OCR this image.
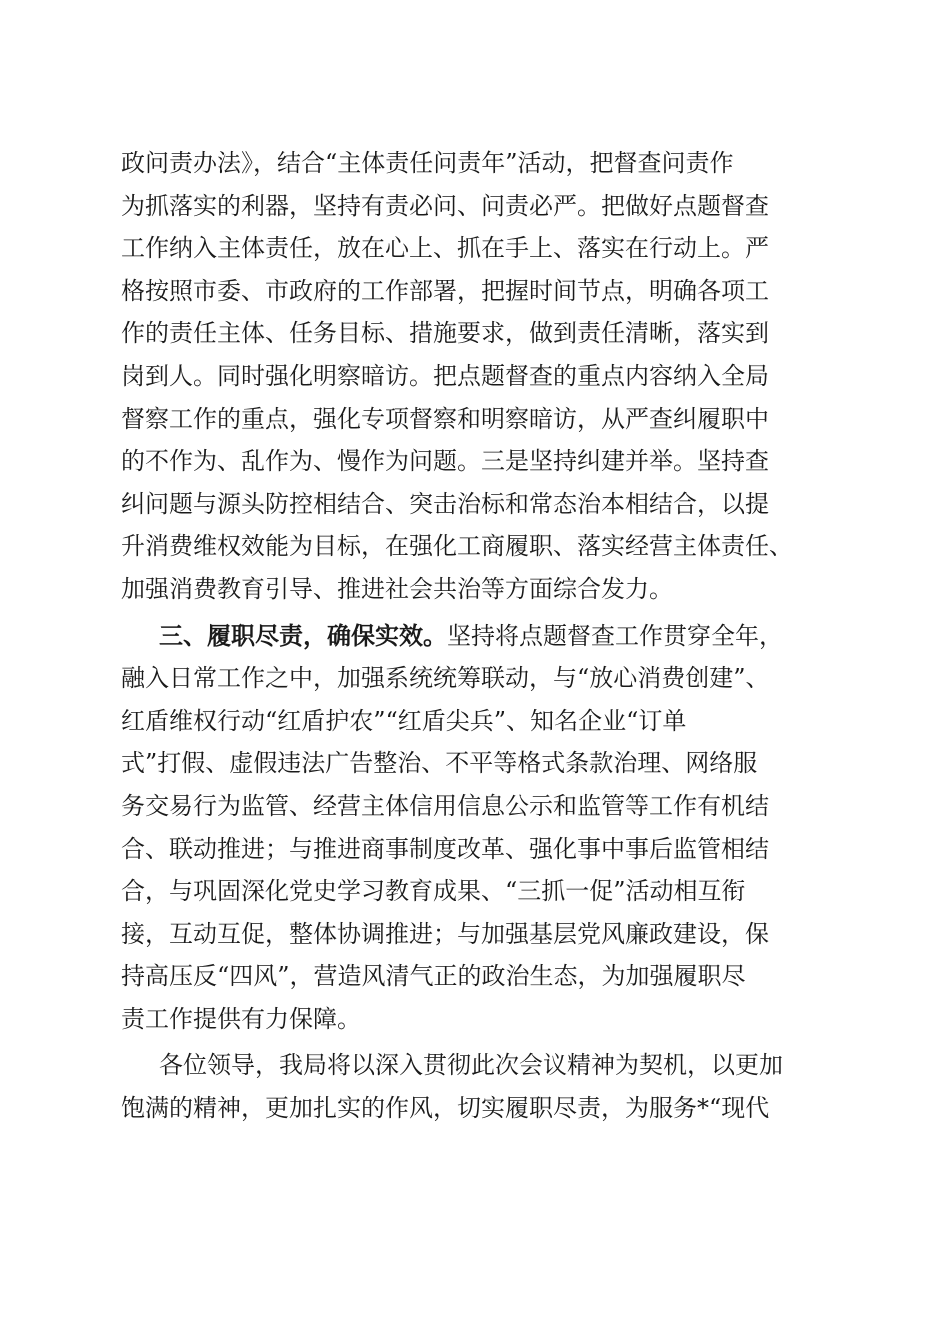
政问责办法》，结合“主体责任问责年”活动，把督查问责作
为抓落实的利器，坚持有责必问、问责必严。把做好点题督查
工作纳入主体责任，放在心上、抓在手上、落实在行动上。严
格按照市委、市政府的工作部署，把握时间节点，明确各项工
作的责任主体、任务目标、措施要求，做到责任清晰，落实到
岗到人。同时强化明察暗访。把点题督查的重点内容纳入全局
督察工作的重点，强化专项督察和明察暗访，从严查纠履职中
的不作为、乱作为、慢作为问题。三是坚持纠建并举。坚持查
纠问题与源头防控相结合、突击治标和常态治本相结合，以提
升消费维权效能为目标，在强化工商履职、落实经营主体责任、
加强消费教育引导、推进社会共治等方面综合发力。
三、履职尽责，确保实效。坚持将点题督查工作贯穿全年，
融入日常工作之中，加强系统统筹联动，与“放心消费创建”、
红盾维权行动“红盾护农”“红盾尖兵”、知名企业“订单
式”打假、虚假违法广告整治、不平等格式条款治理、网络服
务交易行为监管、经营主体信用信息公示和监管等工作有机结
合、联动推进；与推进商事制度改革、强化事中事后监管相结
合，与巩固深化党史学习教育成果、“三抓一促”活动相互衔
接，互动互促，整体协调推进；与加强基层党风廉政建设，保
持高压反“四风”，营造风清气正的政治生态，为加强履职尽
责工作提供有力保障。
各位领导，我局将以深入贯彻此次会议精神为契机，以更加
饱满的精神，更加扎实的作风，切实履职尽责，为服务*“现代
